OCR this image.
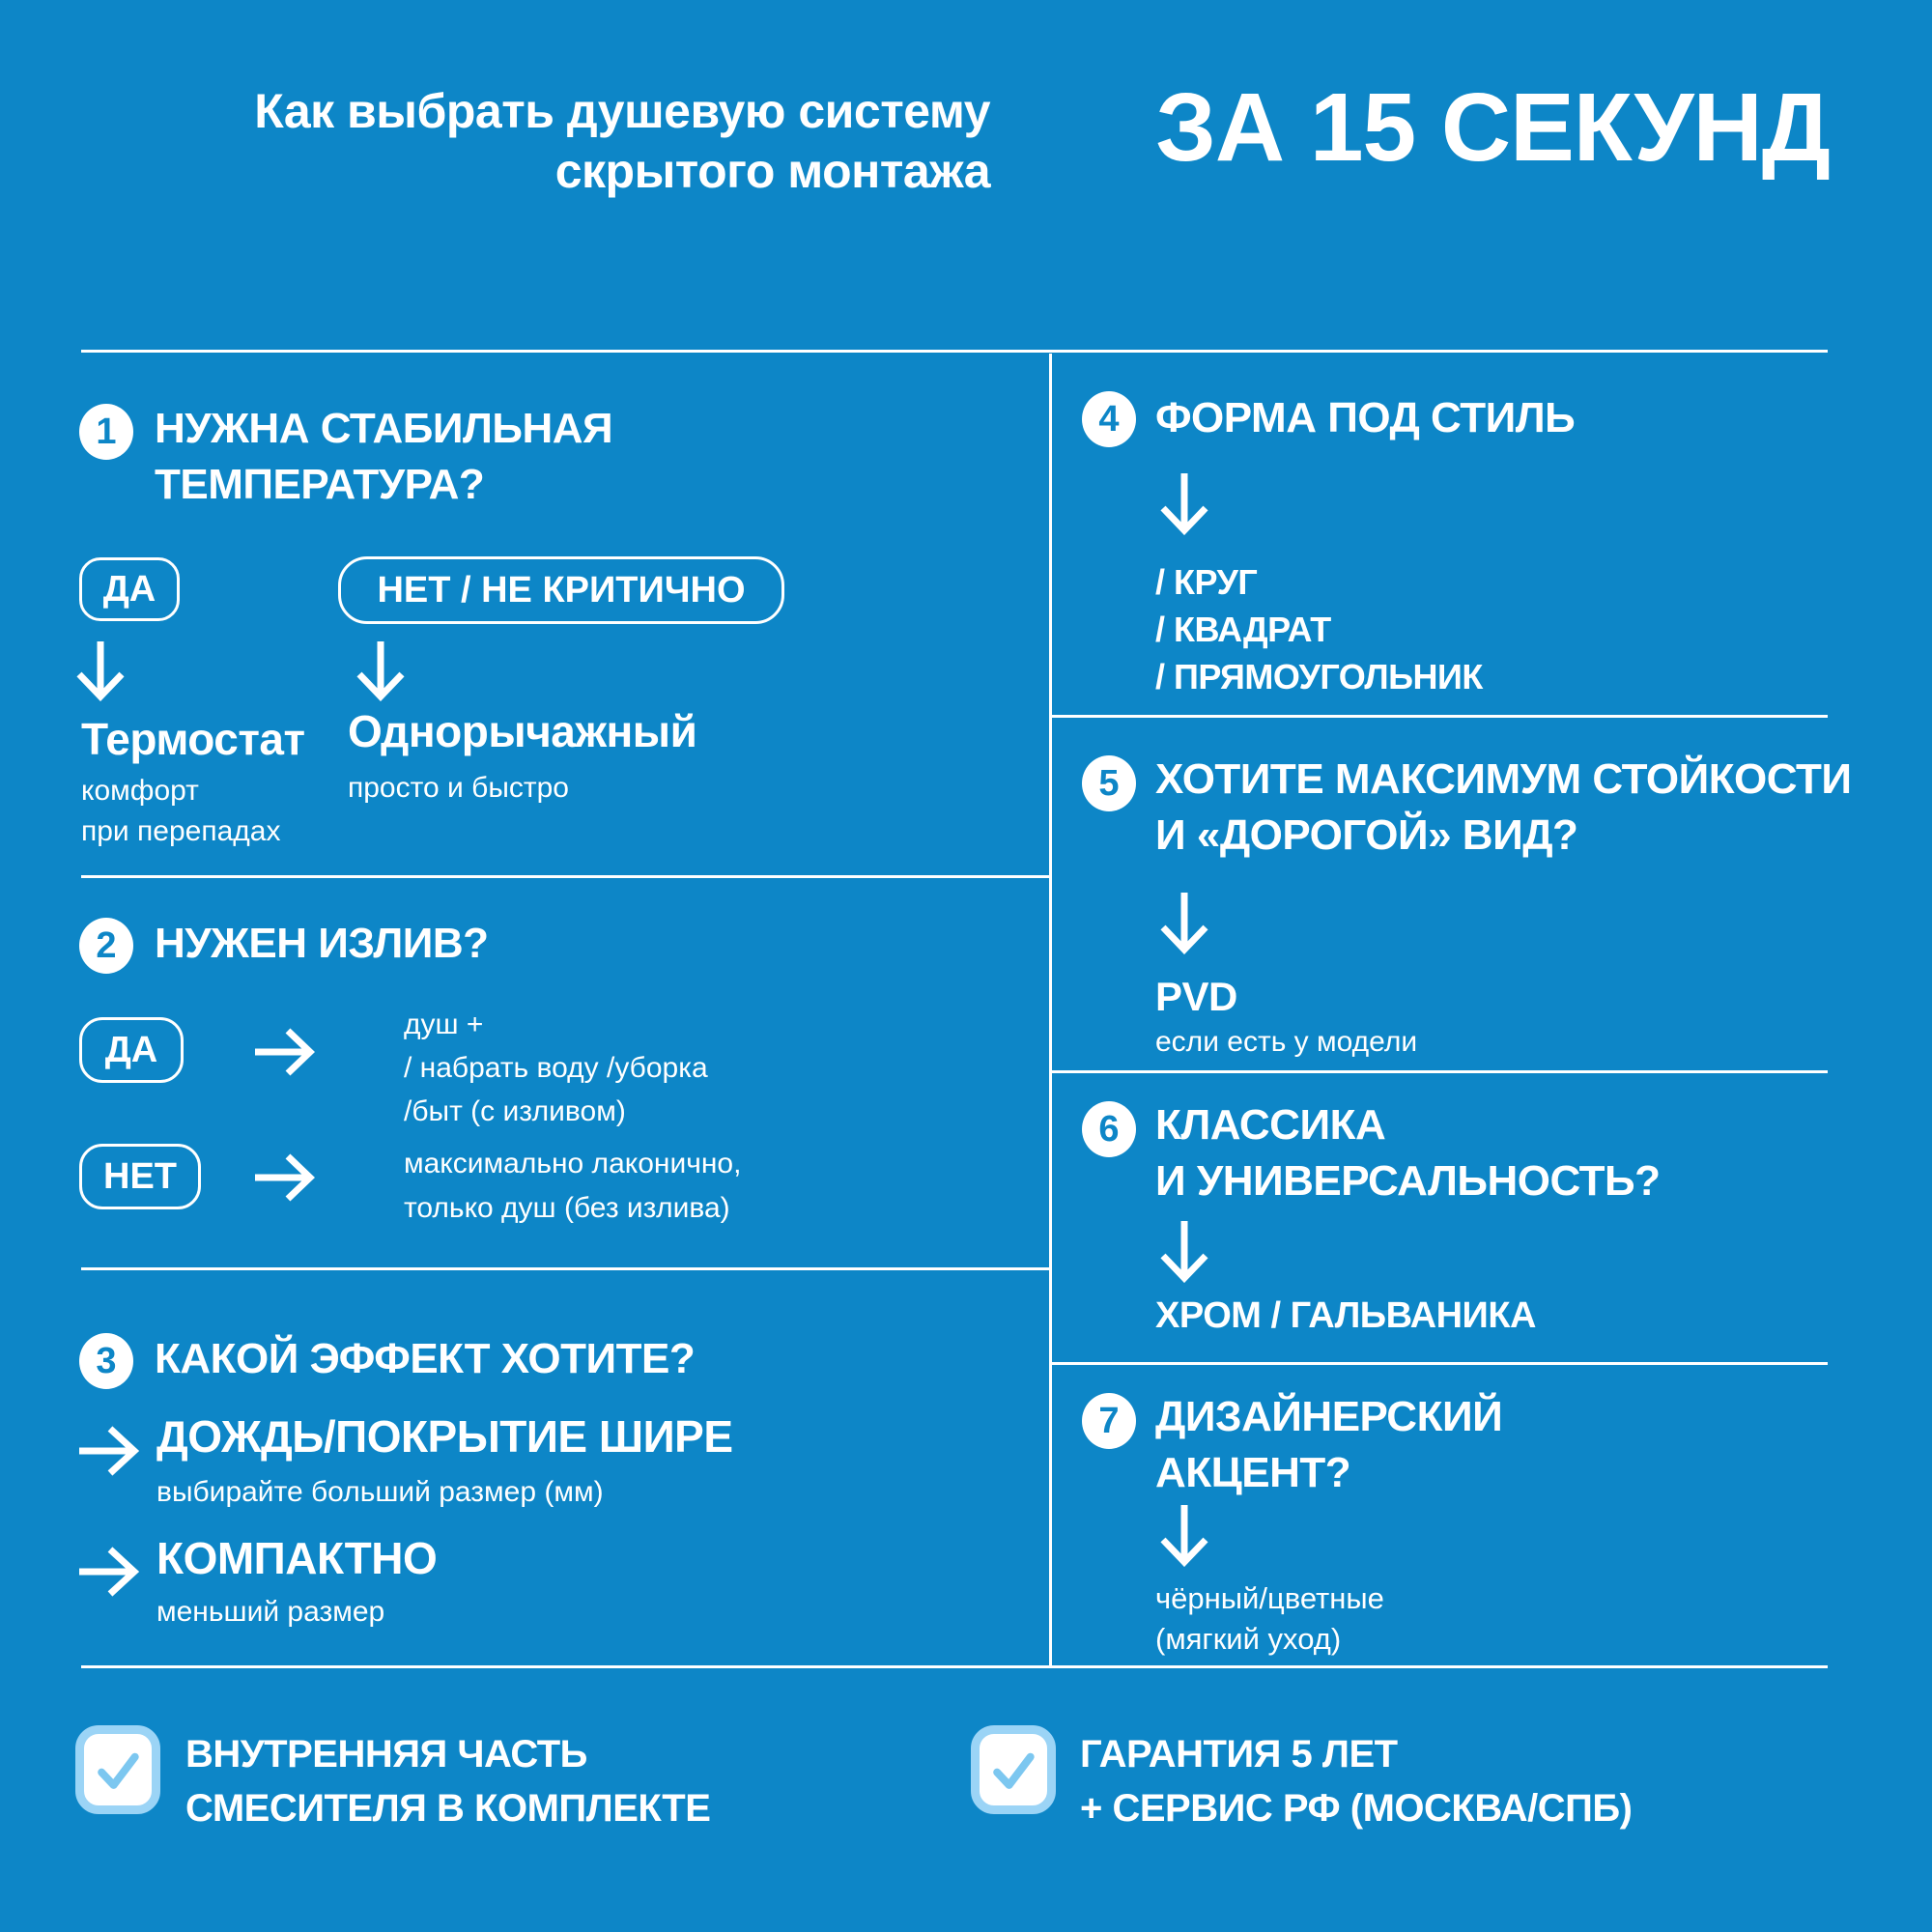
Как выбрать душевую систему
скрытого монтажа	ЗА 15 СЕКУНД
1 НУЖНА СТАБИЛЬНАЯ
ТЕМПЕРАТУРА?
ДА	НЕТ / НЕ КРИТИЧНО
Термостат
комфорт
при перепадах
Однорычажный
просто и быстро
2 НУЖЕН ИЗЛИВ?
ДА
душ +
/ набрать воду /уборка
/быт (с изливом)
НЕТ	максимально лаконично,
только душ (без излива)
3 КАКОЙ ЭФФЕКТ ХОТИТЕ?
ДОЖДЬ/ПОКРЫТИЕ ШИРЕ
выбирайте больший размер (мм)
КОМПАКТНО
меньший размер
4 ФОРМА ПОД СТИЛЬ
/ КРУГ
/ КВАДРАТ
/ ПРЯМОУГОЛЬНИК
5 ХОТИТЕ МАКСИМУМ СТОЙКОСТИ
И «ДОРОГОЙ» ВИД?
PVD
если есть у модели
6 КЛАССИКА
И УНИВЕРСАЛЬНОСТЬ?
ХРОМ / ГАЛЬВАНИКА
7 ДИЗАЙНЕРСКИЙ
АКЦЕНТ?
чёрный/цветные
(мягкий уход)
ВНУТРЕННЯЯ ЧАСТЬ
СМЕСИТЕЛЯ В КОМПЛЕКТЕ
ГАРАНТИЯ 5 ЛЕТ
+ СЕРВИС РФ (МОСКВА/СПБ)
